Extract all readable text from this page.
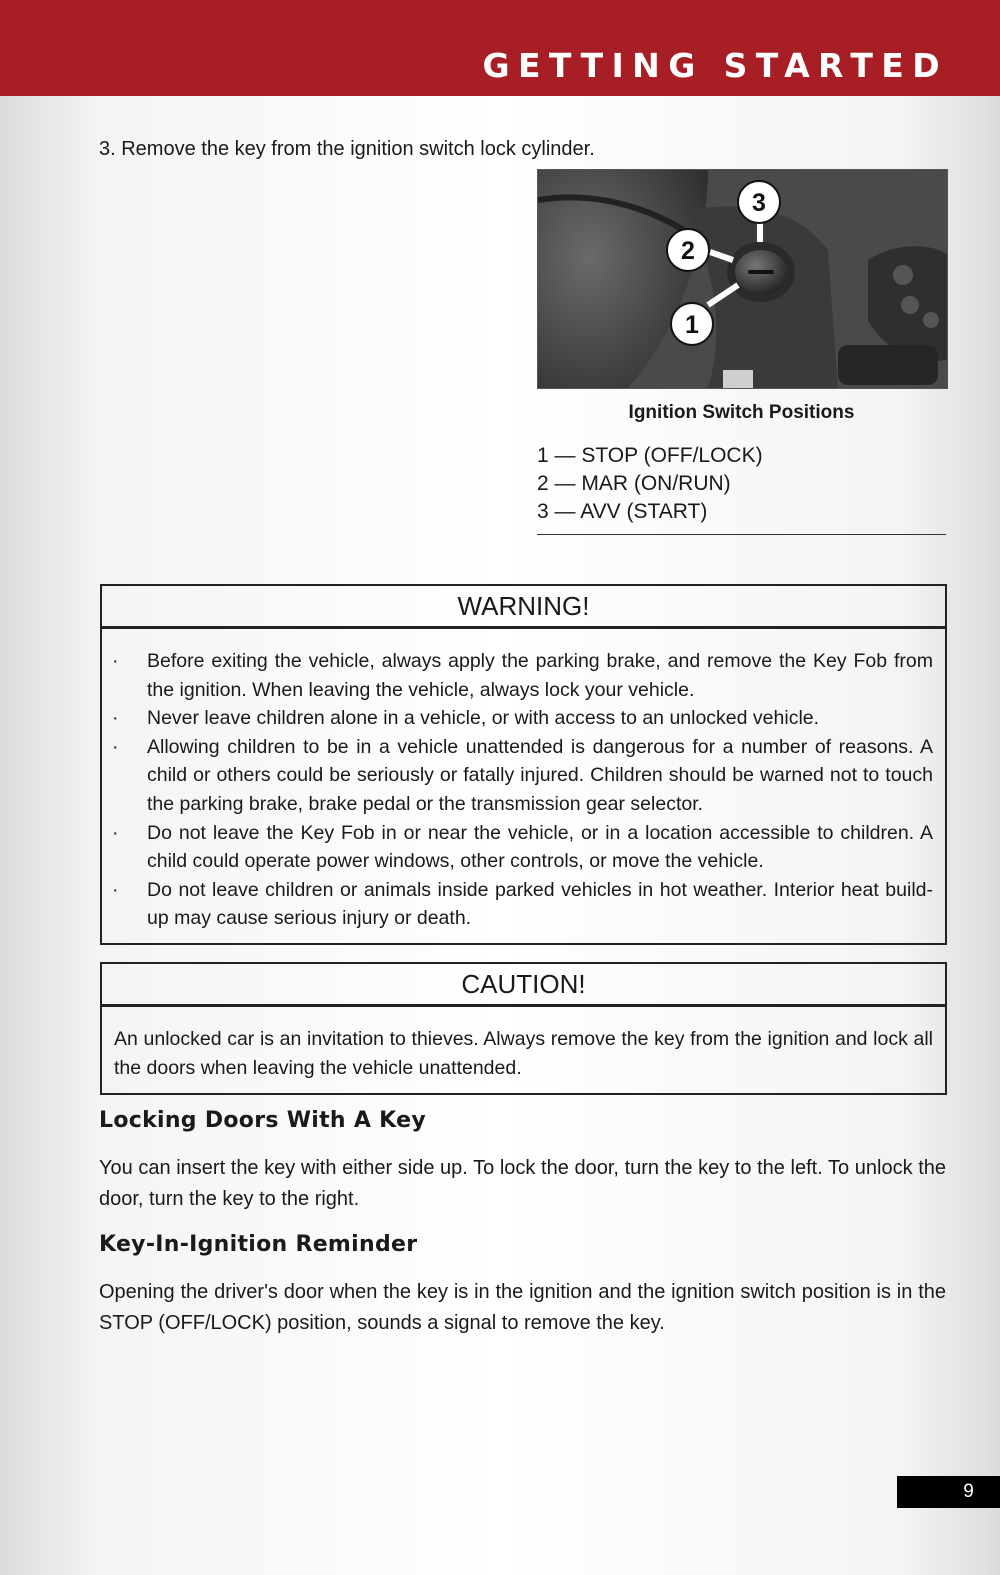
GETTING STARTED
3. Remove the key from the ignition switch lock cylinder.
3
2
1
Ignition Switch Positions
1 — STOP (OFF/LOCK)
2 — MAR (ON/RUN)
3 — AVV (START)
WARNING!
· Before exiting the vehicle, always apply the parking brake, and remove the Key Fob from the ignition. When leaving the vehicle, always lock your vehicle.
· Never leave children alone in a vehicle, or with access to an unlocked vehicle.
· Allowing children to be in a vehicle unattended is dangerous for a number of reasons. A child or others could be seriously or fatally injured. Children should be warned not to touch the parking brake, brake pedal or the transmission gear selector.
· Do not leave the Key Fob in or near the vehicle, or in a location accessible to children. A child could operate power windows, other controls, or move the vehicle.
· Do not leave children or animals inside parked vehicles in hot weather. Interior heat build-up may cause serious injury or death.
CAUTION!

An unlocked car is an invitation to thieves. Always remove the key from the ignition and lock all the doors when leaving the vehicle unattended.

Locking Doors With A Key

You can insert the key with either side up. To lock the door, turn the key to the left. To unlock the door, turn the key to the right.

Key-In-Ignition Reminder

Opening the driver's door when the key is in the ignition and the ignition switch position is in the STOP (OFF/LOCK) position, sounds a signal to remove the key.

9
